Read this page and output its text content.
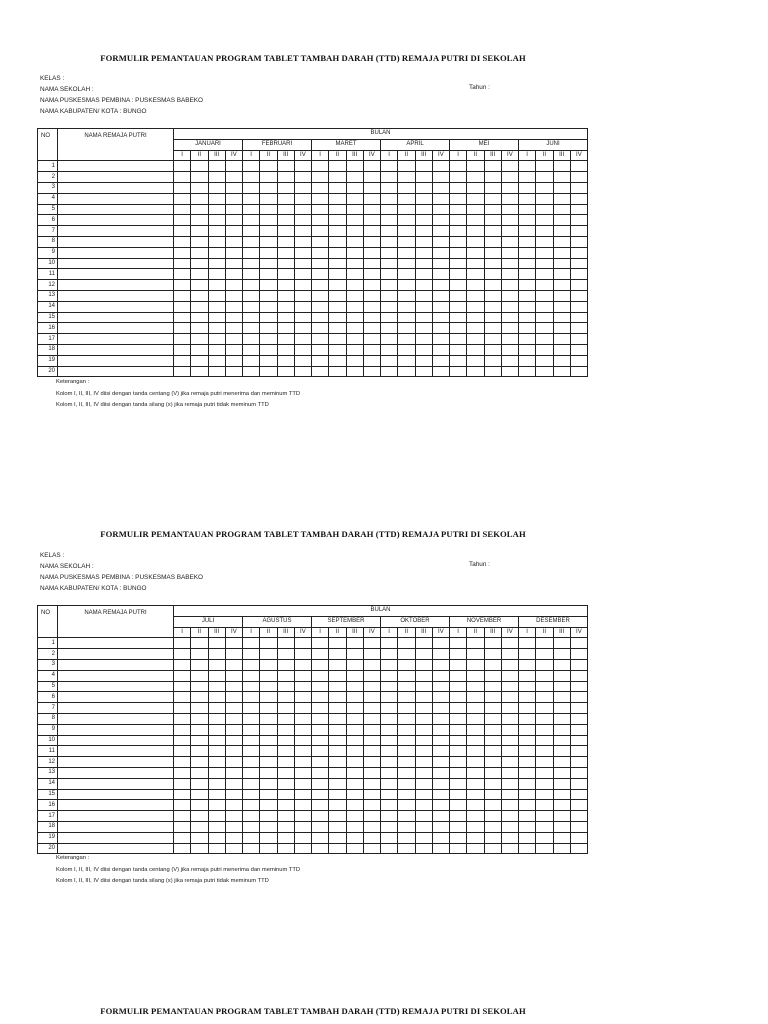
FORMULIR PEMANTAUAN PROGRAM TABLET TAMBAH DARAH (TTD) REMAJA PUTRI DI SEKOLAH
KELAS :
NAMA SEKOLAH :
NAMA PUSKESMAS PEMBINA : PUSKESMAS BABEKO
NAMA KABUPATEN/ KOTA : BUNGO
Tahun :
NO	NAMA REMAJA PUTRI	BULAN																							
		JANUARI				FEBRUARI				MARET				APRIL				MEI				JUNI			
		I	II	III	IV	I	II	III	IV	I	II	III	IV	I	II	III	IV	I	II	III	IV	I	II	III	IV
1																									
2																									
3																									
4																									
5																									
6																									
7																									
8																									
9																									
10																									
11																									
12																									
13																									
14																									
15																									
16																									
17																									
18																									
19																									
20																									
Keterangan :
Kolom I, II, III, IV diisi dengan tanda centang (V) jika remaja putri menerima dan meminum TTD
Kolom I, II, III, IV diisi dengan tanda silang (x) jika remaja putri tidak meminum TTD
FORMULIR PEMANTAUAN PROGRAM TABLET TAMBAH DARAH (TTD) REMAJA PUTRI DI SEKOLAH
KELAS :
NAMA SEKOLAH :
NAMA PUSKESMAS PEMBINA : PUSKESMAS BABEKO
NAMA KABUPATEN/ KOTA : BUNGO
Tahun :
NO	NAMA REMAJA PUTRI	BULAN																							
		JULI				AGUSTUS				SEPTEMBER				OKTOBER				NOVEMBER				DESEMBER			
		I	II	III	IV	I	II	III	IV	I	II	III	IV	I	II	III	IV	I	II	III	IV	I	II	III	IV
1																									
2																									
3																									
4																									
5																									
6																									
7																									
8																									
9																									
10																									
11																									
12																									
13																									
14																									
15																									
16																									
17																									
18																									
19																									
20																									
Keterangan :
Kolom I, II, III, IV diisi dengan tanda centang (V) jika remaja putri menerima dan meminum TTD
Kolom I, II, III, IV diisi dengan tanda silang (x) jika remaja putri tidak meminum TTD
FORMULIR PEMANTAUAN PROGRAM TABLET TAMBAH DARAH (TTD) REMAJA PUTRI DI SEKOLAH
